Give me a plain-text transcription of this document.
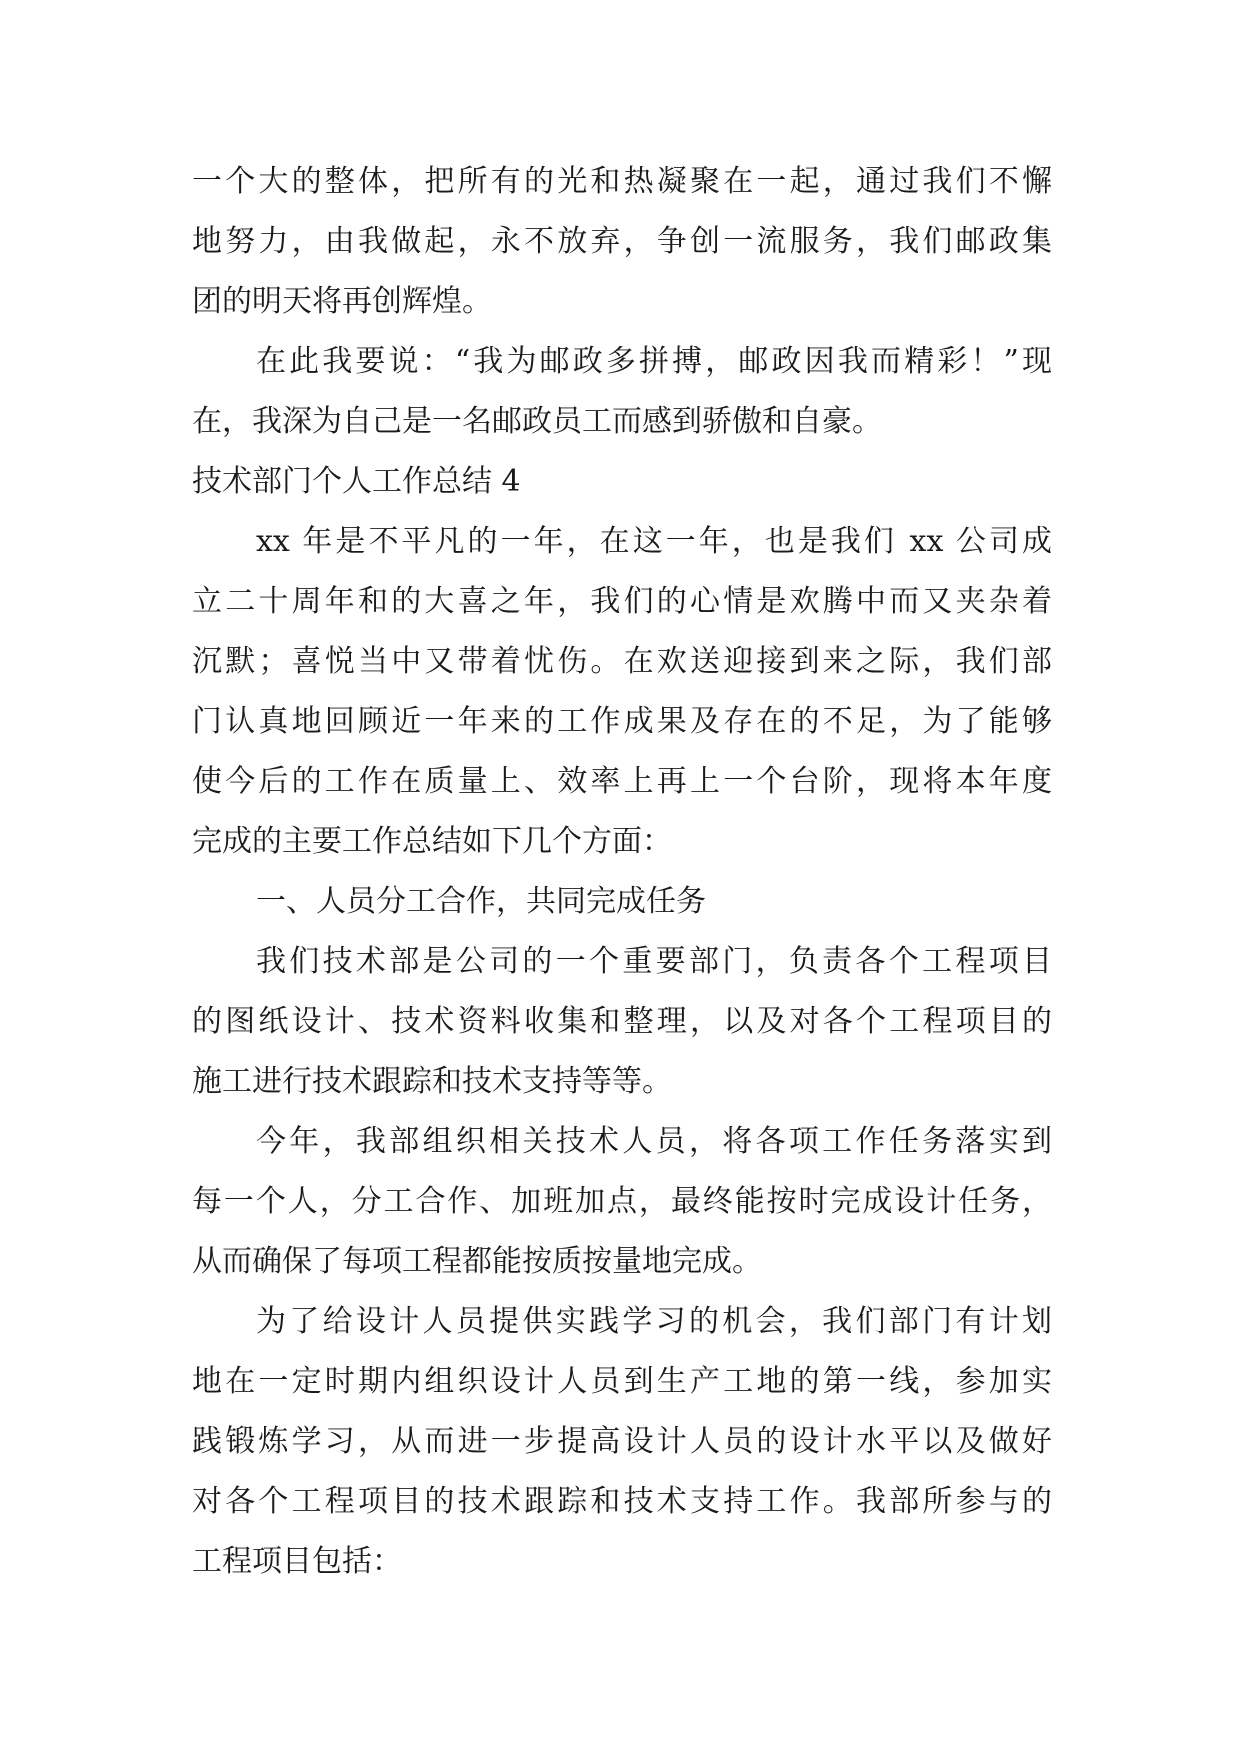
一个大的整体，把所有的光和热凝聚在一起，通过我们不懈
地努力，由我做起，永不放弃，争创一流服务，我们邮政集
团的明天将再创辉煌。
在此我要说：“我为邮政多拼搏，邮政因我而精彩！”现
在，我深为自己是一名邮政员工而感到骄傲和自豪。
技术部门个人工作总结 4
xx 年是不平凡的一年，在这一年，也是我们 xx 公司成
立二十周年和的大喜之年，我们的心情是欢腾中而又夹杂着
沉默；喜悦当中又带着忧伤。在欢送迎接到来之际，我们部
门认真地回顾近一年来的工作成果及存在的不足，为了能够
使今后的工作在质量上、效率上再上一个台阶，现将本年度
完成的主要工作总结如下几个方面：
一、人员分工合作，共同完成任务
我们技术部是公司的一个重要部门，负责各个工程项目
的图纸设计、技术资料收集和整理，以及对各个工程项目的
施工进行技术跟踪和技术支持等等。
今年，我部组织相关技术人员，将各项工作任务落实到
每一个人，分工合作、加班加点，最终能按时完成设计任务，
从而确保了每项工程都能按质按量地完成。
为了给设计人员提供实践学习的机会，我们部门有计划
地在一定时期内组织设计人员到生产工地的第一线，参加实
践锻炼学习，从而进一步提高设计人员的设计水平以及做好
对各个工程项目的技术跟踪和技术支持工作。我部所参与的
工程项目包括：
